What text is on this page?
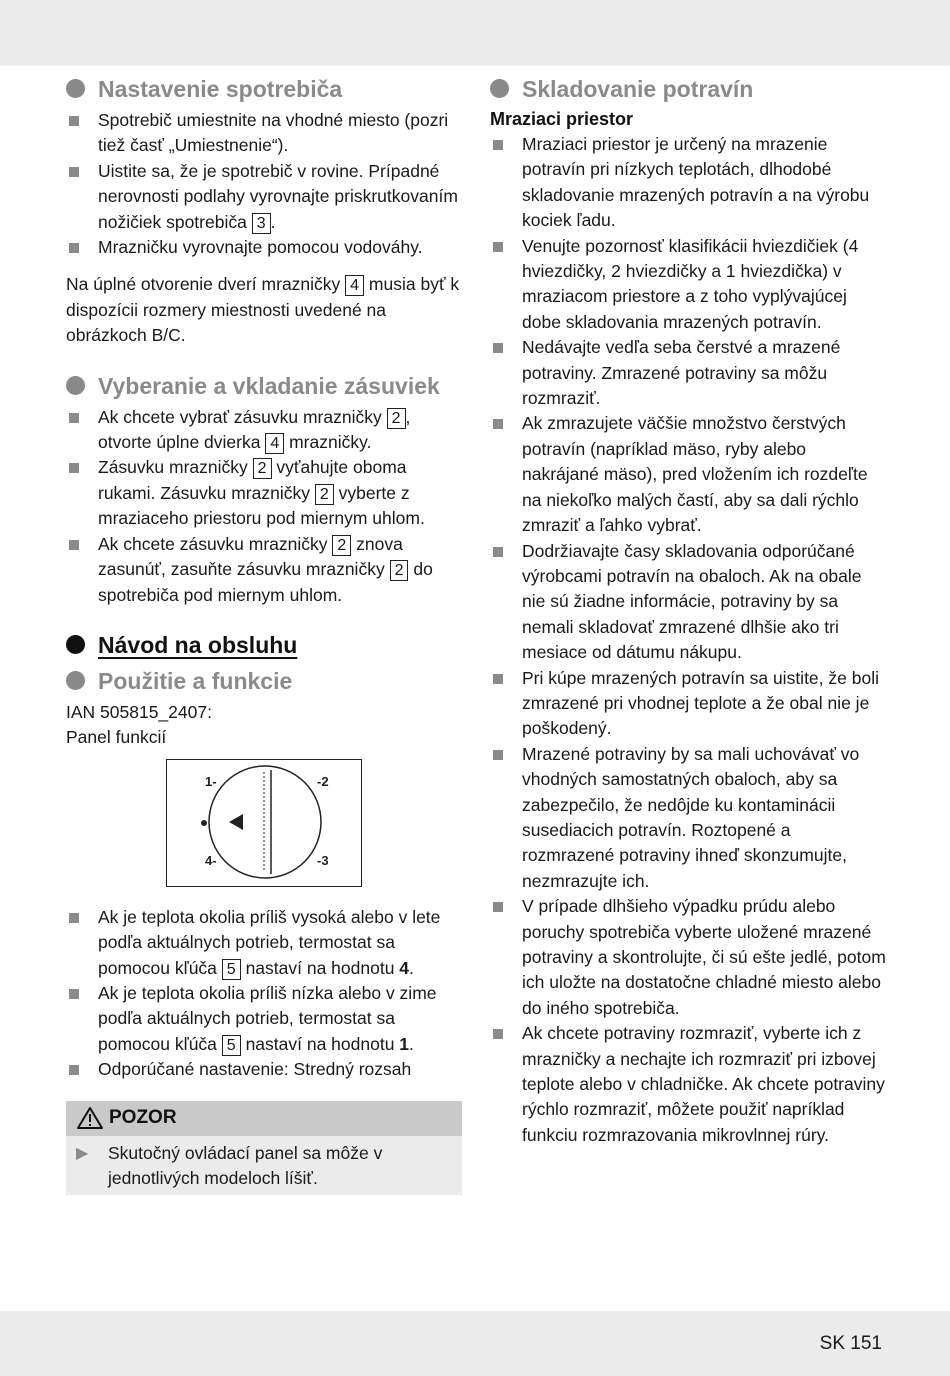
Nastavenie spotrebiča
Spotrebič umiestnite na vhodné miesto (pozri tiež časť „Umiestnenie“).
Uistite sa, že je spotrebič v rovine. Prípadné nerovnosti podlahy vyrovnajte priskrutkovaním nožičiek spotrebiča 3 .
Mrazničku vyrovnajte pomocou vodováhy.

Na úplné otvorenie dverí mrazničky 4 musia byť k dispozícii rozmery miestnosti uvedené na obrázkoch B/C.

Vyberanie a vkladanie zásuviek
Ak chcete vybrať zásuvku mrazničky 2 , otvorte úplne dvierka 4 mrazničky.
Zásuvku mrazničky 2 vyťahujte oboma rukami. Zásuvku mrazničky 2 vyberte z mraziaceho priestoru pod miernym uhlom.
Ak chcete zásuvku mrazničky 2 znova zasunúť, zasuňte zásuvku mrazničky 2 do spotrebiča pod miernym uhlom.
Návod na obsluhu
Použitie a funkcie

IAN 505815_2407:

Panel funkcií

1-	-2
-3
4-
Ak je teplota okolia príliš vysoká alebo v lete podľa aktuálnych potrieb, termostat sa pomocou kľúča 5 nastaví na hodnotu 4.
Ak je teplota okolia príliš nízka alebo v zime podľa aktuálnych potrieb, termostat sa pomocou kľúča 5 nastaví na hodnotu 1.
Odporúčané nastavenie: Stredný rozsah
POZOR
▶	Skutočný ovládací panel sa môže v jednotlivých modeloch líšiť.
Skladovanie potravín

Mraziaci priestor

Mraziaci priestor je určený na mrazenie potravín pri nízkych teplotách, dlhodobé skladovanie mrazených potravín a na výrobu kociek ľadu.
Venujte pozornosť klasifikácii hviezdičiek (4 hviezdičky, 2 hviezdičky a 1 hviezdička) v mraziacom priestore a z toho vyplývajúcej dobe skladovania mrazených potravín.
Nedávajte vedľa seba čerstvé a mrazené potraviny. Zmrazené potraviny sa môžu rozmraziť.
Ak zmrazujete väčšie množstvo čerstvých potravín (napríklad mäso, ryby alebo nakrájané mäso), pred vložením ich rozdeľte na niekoľko malých častí, aby sa dali rýchlo zmraziť a ľahko vybrať.
Dodržiavajte časy skladovania odporúčané výrobcami potravín na obaloch. Ak na obale nie sú žiadne informácie, potraviny by sa nemali skladovať zmrazené dlhšie ako tri mesiace od dátumu nákupu.
Pri kúpe mrazených potravín sa uistite, že boli zmrazené pri vhodnej teplote a že obal nie je poškodený.
Mrazené potraviny by sa mali uchovávať vo vhodných samostatných obaloch, aby sa zabezpečilo, že nedôjde ku kontaminácii susediacich potravín. Roztopené a rozmrazené potraviny ihneď skonzumujte, nezmrazujte ich.
V prípade dlhšieho výpadku prúdu alebo poruchy spotrebiča vyberte uložené mrazené potraviny a skontrolujte, či sú ešte jedlé, potom ich uložte na dostatočne chladné miesto alebo do iného spotrebiča.
Ak chcete potraviny rozmraziť, vyberte ich z mrazničky a nechajte ich rozmraziť pri izbovej teplote alebo v chladničke. Ak chcete potraviny rýchlo rozmraziť, môžete použiť napríklad funkciu rozmrazovania mikrovlnnej rúry.
SK 151
